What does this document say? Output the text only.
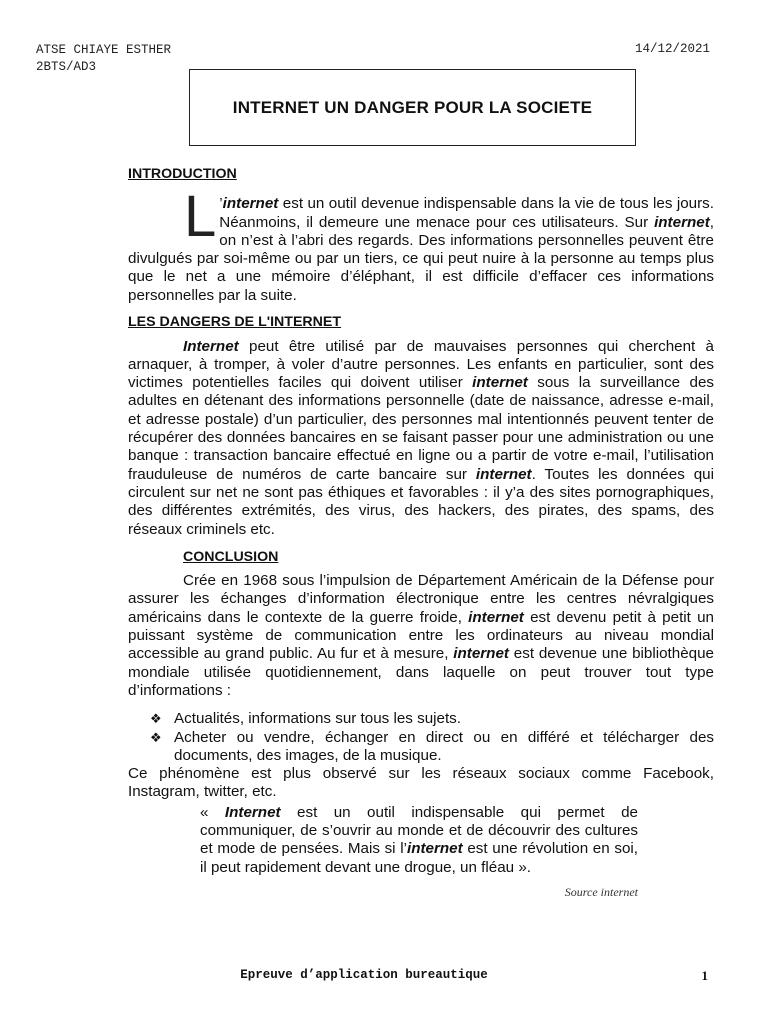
ATSE CHIAYE ESTHER
2BTS/AD3
14/12/2021
INTERNET UN DANGER POUR LA SOCIETE
INTRODUCTION

L ’internet est un outil devenue indispensable dans la vie de tous les jours. Néanmoins, il demeure une menace pour ces utilisateurs. Sur internet, on n’est à l’abri des regards. Des informations personnelles peuvent être divulgués par soi-même ou par un tiers, ce qui peut nuire à la personne au temps plus que le net a une mémoire d’éléphant, il est difficile d’effacer ces informations personnelles par la suite.

LES DANGERS DE L'INTERNET

Internet peut être utilisé par de mauvaises personnes qui cherchent à arnaquer, à tromper, à voler d’autre personnes. Les enfants en particulier, sont des victimes potentielles faciles qui doivent utiliser internet sous la surveillance des adultes en détenant des informations personnelle (date de naissance, adresse e-mail, et adresse postale) d’un particulier, des personnes mal intentionnés peuvent tenter de récupérer des données bancaires en se faisant passer pour une administration ou une banque : transaction bancaire effectué en ligne ou a partir de votre e-mail, l’utilisation frauduleuse de numéros de carte bancaire sur internet. Toutes les données qui circulent sur net ne sont pas éthiques et favorables : il y’a des sites pornographiques, des différentes extrémités, des virus, des hackers, des pirates, des spams, des réseaux criminels etc.

CONCLUSION

Crée en 1968 sous l’impulsion de Département Américain de la Défense pour assurer les échanges d’information électronique entre les centres névralgiques américains dans le contexte de la guerre froide, internet est devenu petit à petit un puissant système de communication entre les ordinateurs au niveau mondial accessible au grand public. Au fur et à mesure, internet est devenue une bibliothèque mondiale utilisée quotidiennement, dans laquelle on peut trouver tout type d’informations :

❖ Actualités, informations sur tous les sujets.
❖ Acheter ou vendre, échanger en direct ou en différé et télécharger des documents, des images, de la musique.

Ce phénomène est plus observé sur les réseaux sociaux comme Facebook, Instagram, twitter, etc.

« Internet est un outil indispensable qui permet de communiquer, de s’ouvrir au monde et de découvrir des cultures et mode de pensées. Mais si l’internet est une révolution en soi, il peut rapidement devant une drogue, un fléau ».

Source internet
Epreuve d’application bureautique	1
